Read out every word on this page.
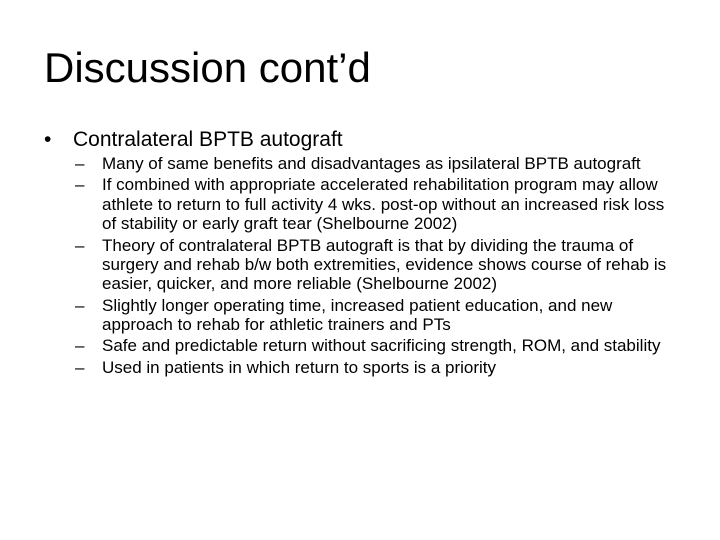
Discussion cont’d
• Contralateral BPTB autograft
– Many of same benefits and disadvantages as ipsilateral BPTB autograft
– If combined with appropriate accelerated rehabilitation program may allow athlete to return to full activity 4 wks. post-op without an increased risk loss of stability or early graft tear (Shelbourne 2002)
– Theory of contralateral BPTB autograft is that by dividing the trauma of surgery and rehab b/w both extremities, evidence shows course of rehab is easier, quicker, and more reliable (Shelbourne 2002)
– Slightly longer operating time, increased patient education, and new approach to rehab for athletic trainers and PTs
– Safe and predictable return without sacrificing strength, ROM, and stability
– Used in patients in which return to sports is a priority
